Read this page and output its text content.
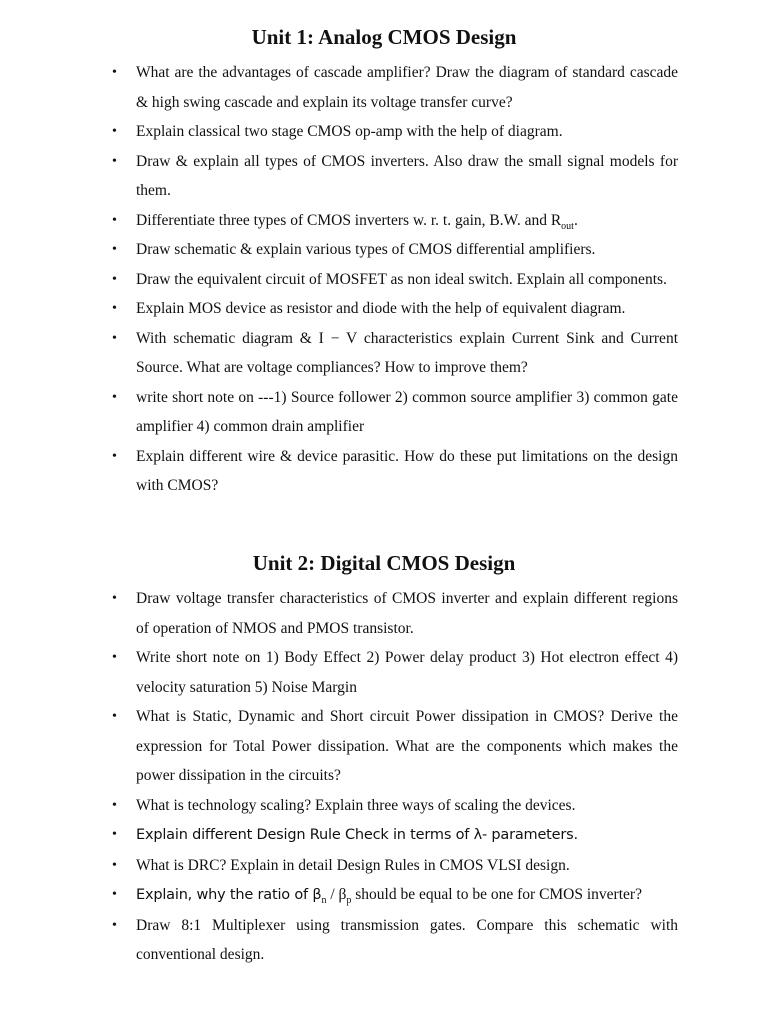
Unit 1: Analog CMOS Design
• What are the advantages of cascade amplifier? Draw the diagram of standard cascade & high swing cascade and explain its voltage transfer curve?
• Explain classical two stage CMOS op-amp with the help of diagram.
• Draw & explain all types of CMOS inverters. Also draw the small signal models for them.
• Differentiate three types of CMOS inverters w. r. t. gain, B.W. and $R_{out}$.
• Draw schematic & explain various types of CMOS differential amplifiers.
• Draw the equivalent circuit of MOSFET as non ideal switch. Explain all components.
• Explain MOS device as resistor and diode with the help of equivalent diagram.
• With schematic diagram & I − V characteristics explain Current Sink and Current Source. What are voltage compliances? How to improve them?
• write short note on ---1) Source follower 2) common source amplifier 3) common gate amplifier 4) common drain amplifier
• Explain different wire & device parasitic. How do these put limitations on the design with CMOS?
Unit 2: Digital CMOS Design
• Draw voltage transfer characteristics of CMOS inverter and explain different regions of operation of NMOS and PMOS transistor.
• Write short note on 1) Body Effect 2) Power delay product 3) Hot electron effect 4) velocity saturation 5) Noise Margin
• What is Static, Dynamic and Short circuit Power dissipation in CMOS? Derive the expression for Total Power dissipation. What are the components which makes the power dissipation in the circuits?
• What is technology scaling? Explain three ways of scaling the devices.
• Explain different Design Rule Check in terms of λ- parameters.
• What is DRC? Explain in detail Design Rules in CMOS VLSI design.
• Explain, why the ratio of $\beta_n / \beta_p$ should be equal to be one for CMOS inverter?
• Draw 8:1 Multiplexer using transmission gates. Compare this schematic with conventional design.
